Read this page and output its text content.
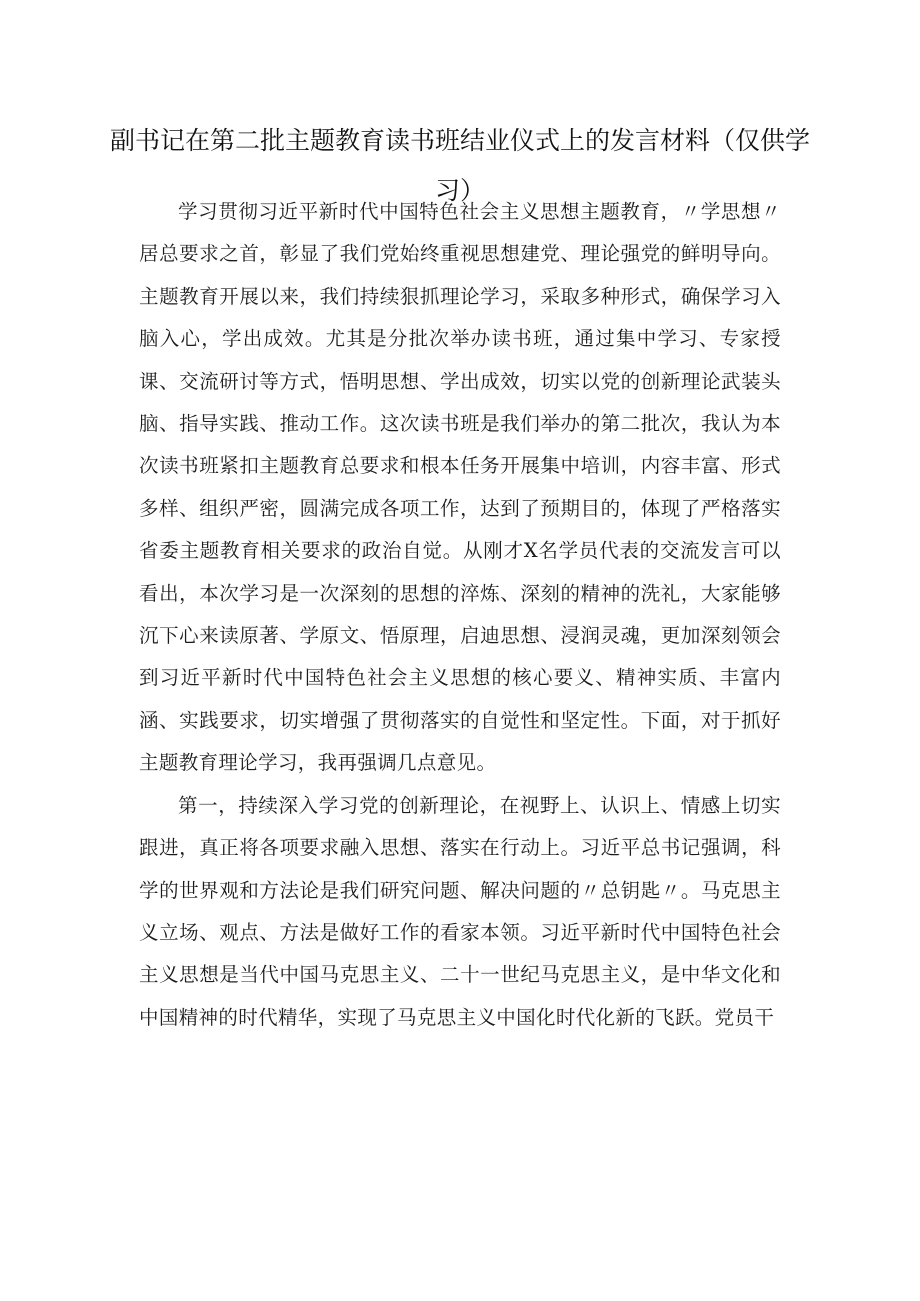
副书记在第二批主题教育读书班结业仪式上的发言材料（仅供学习）

学习贯彻习近平新时代中国特色社会主义思想主题教育，〃学思想〃居总要求之首，彰显了我们党始终重视思想建党、理论强党的鲜明导向。主题教育开展以来，我们持续狠抓理论学习，采取多种形式，确保学习入脑入心，学出成效。尤其是分批次举办读书班，通过集中学习、专家授课、交流研讨等方式，悟明思想、学出成效，切实以党的创新理论武装头脑、指导实践、推动工作。这次读书班是我们举办的第二批次，我认为本次读书班紧扣主题教育总要求和根本任务开展集中培训，内容丰富、形式多样、组织严密，圆满完成各项工作，达到了预期目的，体现了严格落实省委主题教育相关要求的政治自觉。从刚才X名学员代表的交流发言可以看出，本次学习是一次深刻的思想的淬炼、深刻的精神的洗礼，大家能够沉下心来读原著、学原文、悟原理，启迪思想、浸润灵魂，更加深刻领会到习近平新时代中国特色社会主义思想的核心要义、精神实质、丰富内涵、实践要求，切实增强了贯彻落实的自觉性和坚定性。下面，对于抓好主题教育理论学习，我再强调几点意见。

第一，持续深入学习党的创新理论，在视野上、认识上、情感上切实跟进，真正将各项要求融入思想、落实在行动上。习近平总书记强调，科学的世界观和方法论是我们研究问题、解决问题的〃总钥匙〃。马克思主义立场、观点、方法是做好工作的看家本领。习近平新时代中国特色社会主义思想是当代中国马克思主义、二十一世纪马克思主义，是中华文化和中国精神的时代精华，实现了马克思主义中国化时代化新的飞跃。党员干
